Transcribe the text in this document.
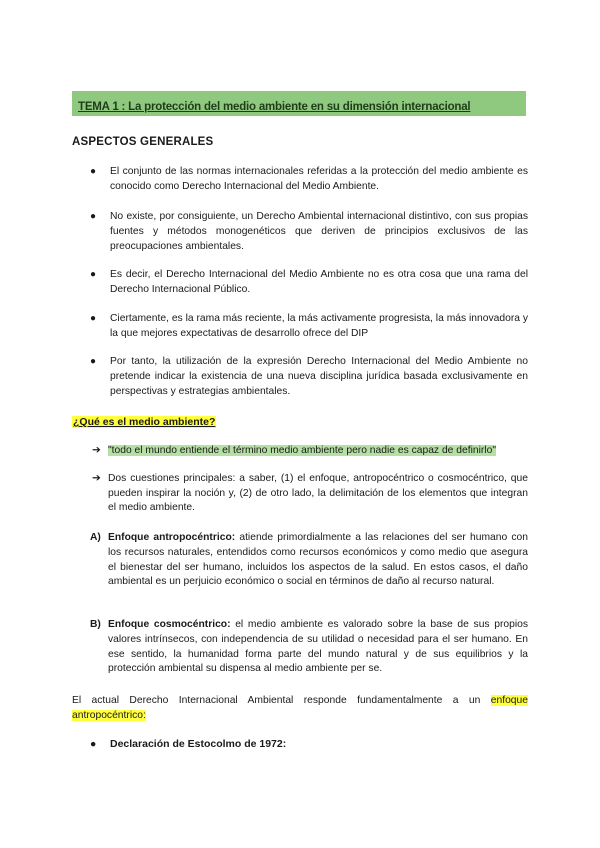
TEMA 1 : La protección del medio ambiente en su dimensión internacional
ASPECTOS GENERALES
● El conjunto de las normas internacionales referidas a la protección del medio ambiente es conocido como Derecho Internacional del Medio Ambiente.
● No existe, por consiguiente, un Derecho Ambiental internacional distintivo, con sus propias fuentes y métodos monogenéticos que deriven de principios exclusivos de las preocupaciones ambientales.
● Es decir, el Derecho Internacional del Medio Ambiente no es otra cosa que una rama del Derecho Internacional Público.
● Ciertamente, es la rama más reciente, la más activamente progresista, la más innovadora y la que mejores expectativas de desarrollo ofrece del DIP
● Por tanto, la utilización de la expresión Derecho Internacional del Medio Ambiente no pretende indicar la existencia de una nueva disciplina jurídica basada exclusivamente en perspectivas y estrategias ambientales.
¿Qué es el medio ambiente?
➔ "todo el mundo entiende el término medio ambiente pero nadie es capaz de definirlo"
➔ Dos cuestiones principales: a saber, (1) el enfoque, antropocéntrico o cosmocéntrico, que pueden inspirar la noción y, (2) de otro lado, la delimitación de los elementos que integran el medio ambiente.
A) Enfoque antropocéntrico: atiende primordialmente a las relaciones del ser humano con los recursos naturales, entendidos como recursos económicos y como medio que asegura el bienestar del ser humano, incluidos los aspectos de la salud. En estos casos, el daño ambiental es un perjuicio económico o social en términos de daño al recurso natural.
B) Enfoque cosmocéntrico: el medio ambiente es valorado sobre la base de sus propios valores intrínsecos, con independencia de su utilidad o necesidad para el ser humano. En ese sentido, la humanidad forma parte del mundo natural y de sus equilibrios y la protección ambiental su dispensa al medio ambiente per se.
El actual Derecho Internacional Ambiental responde fundamentalmente a un enfoque antropocéntrico:
● Declaración de Estocolmo de 1972:
